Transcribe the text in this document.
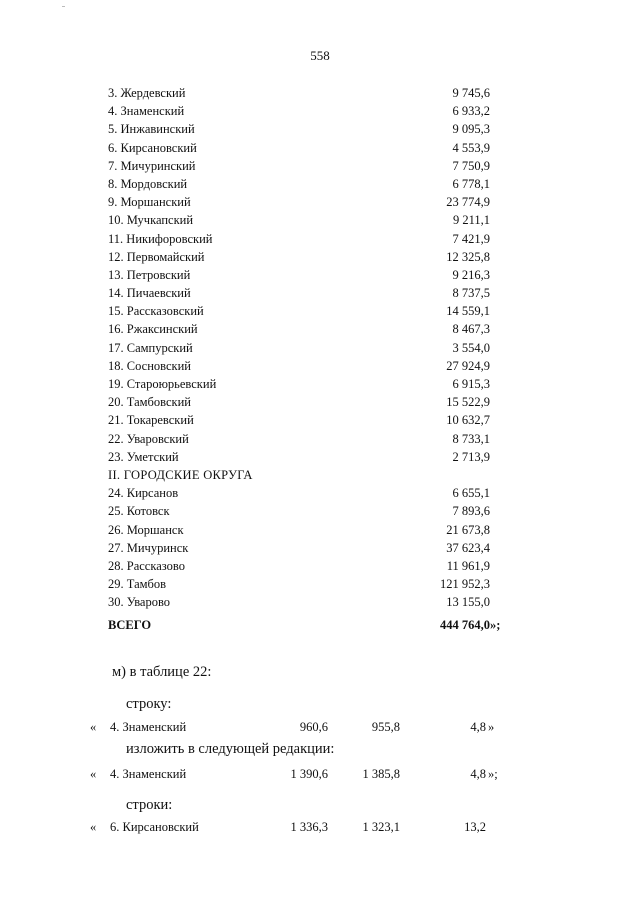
558
3. Жердевский	9 745,6
4. Знаменский	6 933,2
5. Инжавинский	9 095,3
6. Кирсановский	4 553,9
7. Мичуринский	7 750,9
8. Мордовский	6 778,1
9. Моршанский	23 774,9
10. Мучкапский	9 211,1
11. Никифоровский	7 421,9
12. Первомайский	12 325,8
13. Петровский	9 216,3
14. Пичаевский	8 737,5
15. Рассказовский	14 559,1
16. Ржаксинский	8 467,3
17. Сампурский	3 554,0
18. Сосновский	27 924,9
19. Староюрьевский	6 915,3
20. Тамбовский	15 522,9
21. Токаревский	10 632,7
22. Уваровский	8 733,1
23. Уметский	2 713,9
II. ГОРОДСКИЕ ОКРУГА
24. Кирсанов	6 655,1
25. Котовск	7 893,6
26. Моршанск	21 673,8
27. Мичуринск	37 623,4
28. Рассказово	11 961,9
29. Тамбов	121 952,3
30. Уварово	13 155,0
ВСЕГО	444 764,0»;
м) в таблице 22:
строку:
« 4. Знаменский	960,6	955,8	4,8 »
изложить в следующей редакции:
« 4. Знаменский	1 390,6	1 385,8	4,8 »;
строки:
« 6. Кирсановский	1 336,3	1 323,1	13,2
